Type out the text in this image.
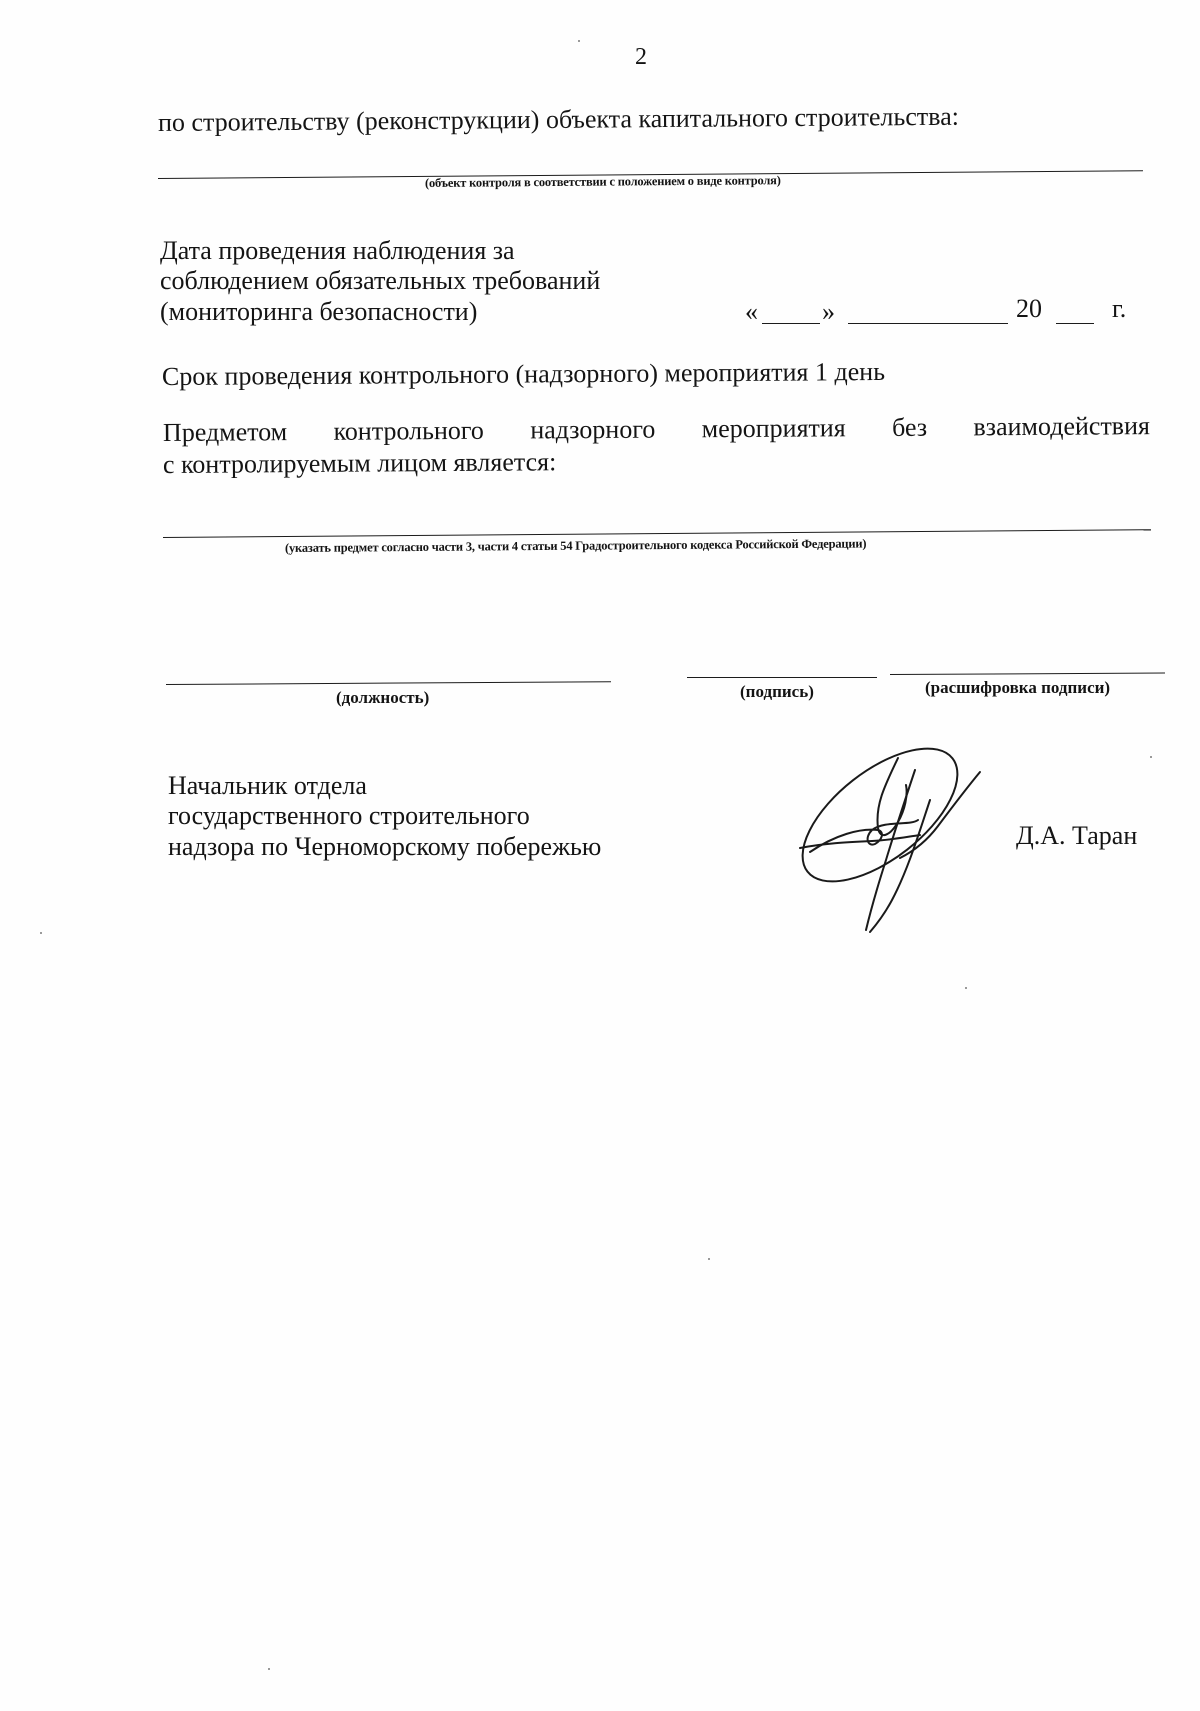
2
по строительству (реконструкции) объекта капитального строительства:
(объект контроля в соответствии с положением о виде контроля)
Дата проведения наблюдения за
соблюдением обязательных требований
(мониторинга безопасности)	« »	20	г.
Срок проведения контрольного (надзорного) мероприятия 1 день
Предметом контрольного надзорного мероприятия без взаимодействия
с контролируемым лицом является:
(указать предмет согласно части 3, части 4 статьи 54 Градостроительного кодекса Российской Федерации)
(должность)	(подпись)	(расшифровка подписи)
Начальник отдела
государственного строительного
надзора по Черноморскому побережью	Д.А. Таран
